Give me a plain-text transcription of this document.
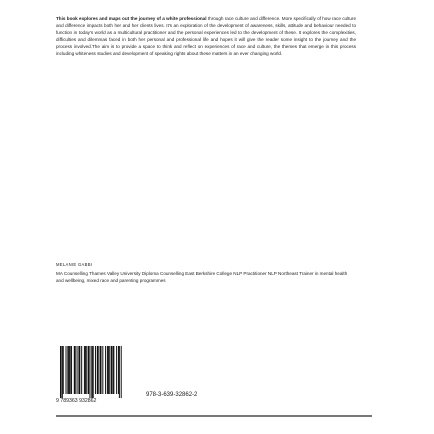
This book explores and maps out the journey of a white professional through race culture and difference. More specifically of how race culture and difference impacts both her and her clients lives. It's an exploration of the development of awareness, skills, attitude and behaviour needed to function in today's world as a multicultural practitioner and the personal experiences led to the development of these. It explores the complexities, difficulties and dilemmas faced in both her personal and professional life and hopes it will give the reader some insight to the journey and the process involved.The aim is to provide a space to think and reflect on experiences of race and culture, the themes that emerge in this process including whiteness studies and development of speaking rights about these matters in an ever changing world.
MELANIE GABBI
MA Counselling Thames Valley University Diploma Counselling East Berkshire College NLP Practitioner NLP Northeast Trainer in mental health and wellbeing, mixed race and parenting programmes
9 789363 932862
978-3-639-32862-2
